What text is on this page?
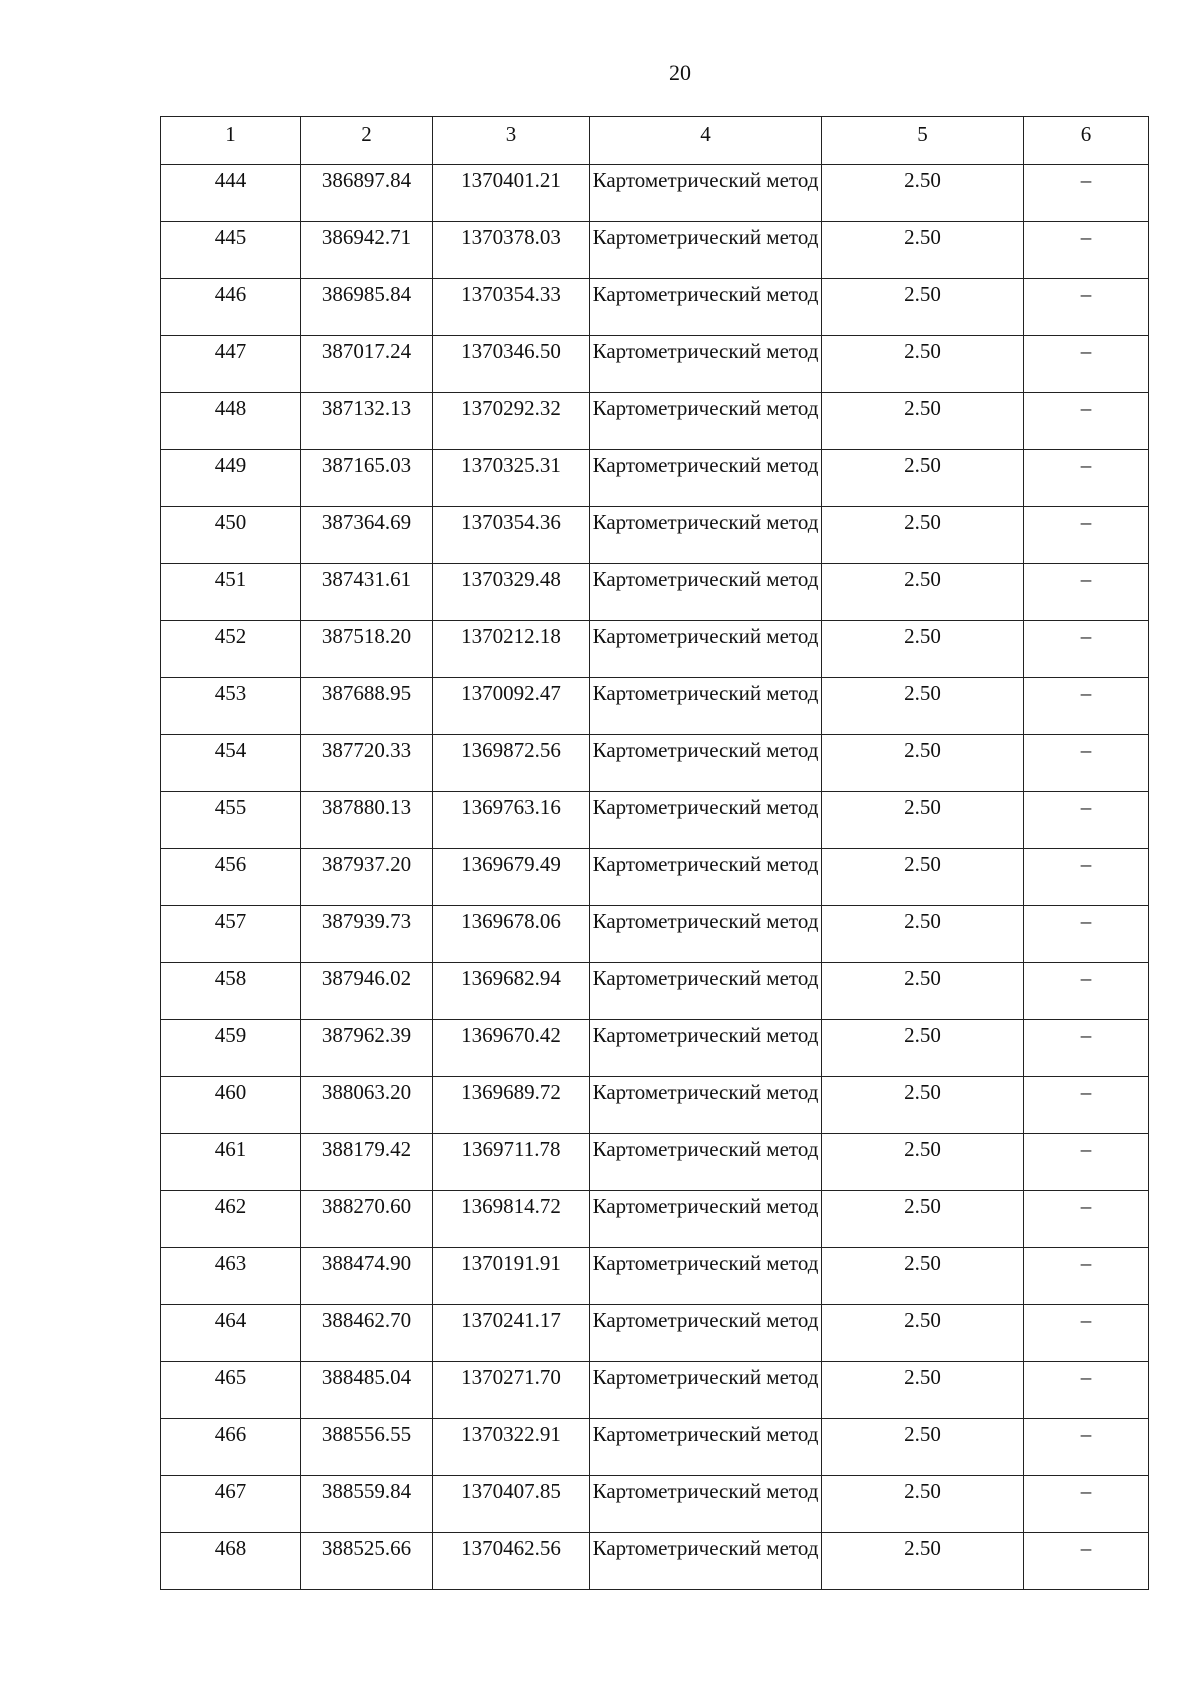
20
1	2	3	4	5	6
444	386897.84	1370401.21	Картометрический метод	2.50	–
445	386942.71	1370378.03	Картометрический метод	2.50	–
446	386985.84	1370354.33	Картометрический метод	2.50	–
447	387017.24	1370346.50	Картометрический метод	2.50	–
448	387132.13	1370292.32	Картометрический метод	2.50	–
449	387165.03	1370325.31	Картометрический метод	2.50	–
450	387364.69	1370354.36	Картометрический метод	2.50	–
451	387431.61	1370329.48	Картометрический метод	2.50	–
452	387518.20	1370212.18	Картометрический метод	2.50	–
453	387688.95	1370092.47	Картометрический метод	2.50	–
454	387720.33	1369872.56	Картометрический метод	2.50	–
455	387880.13	1369763.16	Картометрический метод	2.50	–
456	387937.20	1369679.49	Картометрический метод	2.50	–
457	387939.73	1369678.06	Картометрический метод	2.50	–
458	387946.02	1369682.94	Картометрический метод	2.50	–
459	387962.39	1369670.42	Картометрический метод	2.50	–
460	388063.20	1369689.72	Картометрический метод	2.50	–
461	388179.42	1369711.78	Картометрический метод	2.50	–
462	388270.60	1369814.72	Картометрический метод	2.50	–
463	388474.90	1370191.91	Картометрический метод	2.50	–
464	388462.70	1370241.17	Картометрический метод	2.50	–
465	388485.04	1370271.70	Картометрический метод	2.50	–
466	388556.55	1370322.91	Картометрический метод	2.50	–
467	388559.84	1370407.85	Картометрический метод	2.50	–
468	388525.66	1370462.56	Картометрический метод	2.50	–
